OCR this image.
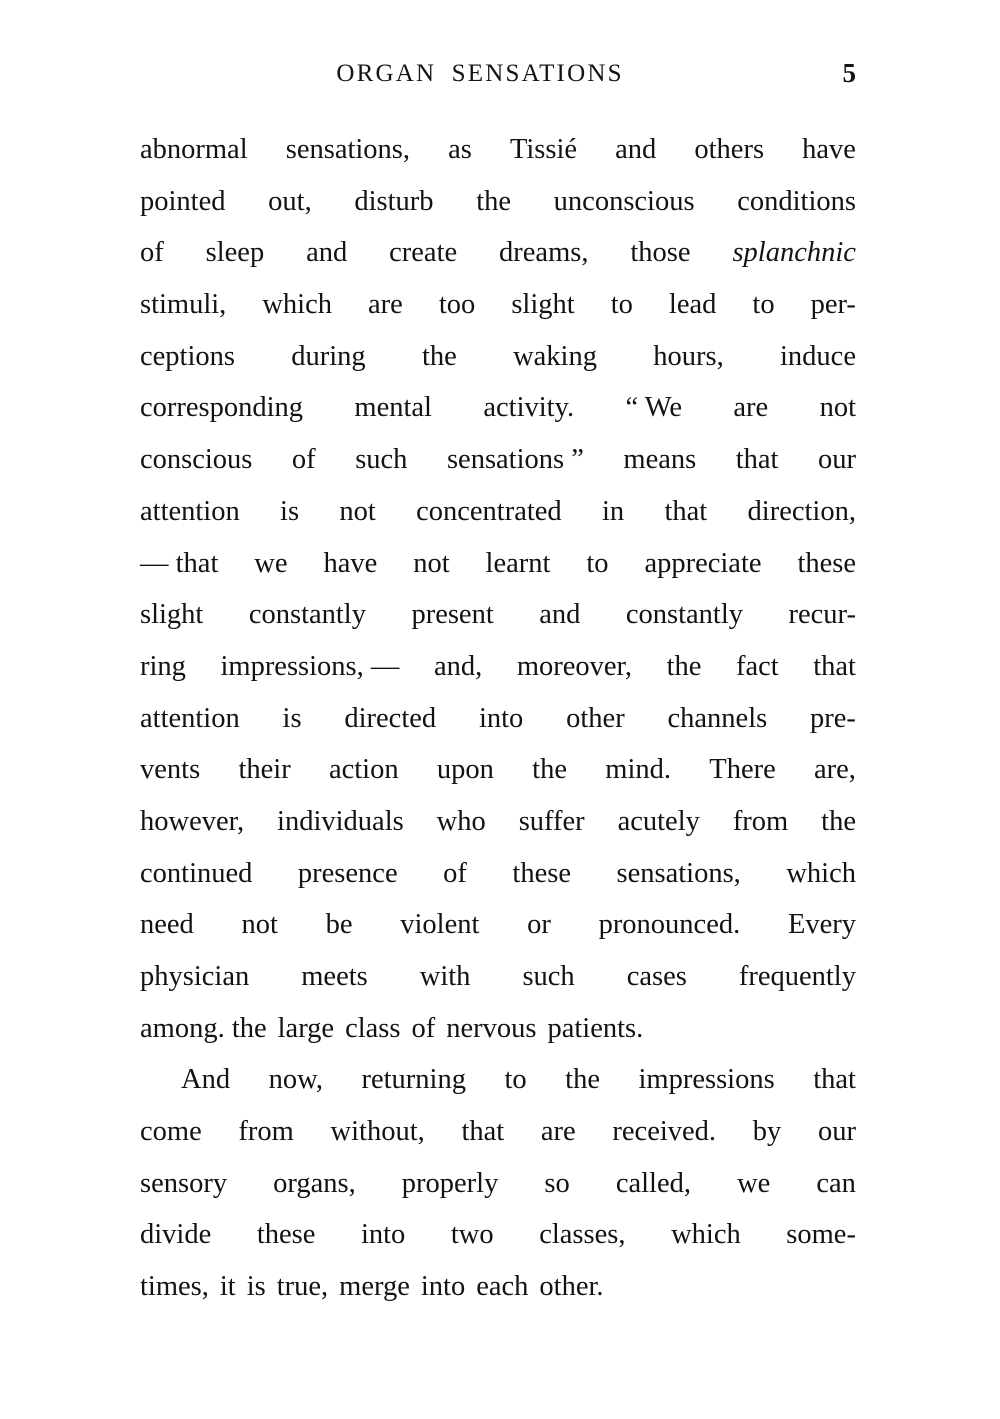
ORGAN SENSATIONS	5
abnormal sensations, as Tissié and others have
pointed out, disturb the unconscious conditions
of sleep and create dreams, those splanchnic
stimuli, which are too slight to lead to per-
ceptions during the waking hours, induce
corresponding mental activity. “ We are not
conscious of such sensations ” means that our
attention is not concentrated in that direction,
— that we have not learnt to appreciate these
slight constantly present and constantly recur-
ring impressions, — and, moreover, the fact that
attention is directed into other channels pre-
vents their action upon the mind. There are,
however, individuals who suffer acutely from the
continued presence of these sensations, which
need not be violent or pronounced. Every
physician meets with such cases frequently
among. the large class of nervous patients.
And now, returning to the impressions that
come from without, that are received. by our
sensory organs, properly so called, we can
divide these into two classes, which some-
times, it is true, merge into each other.
